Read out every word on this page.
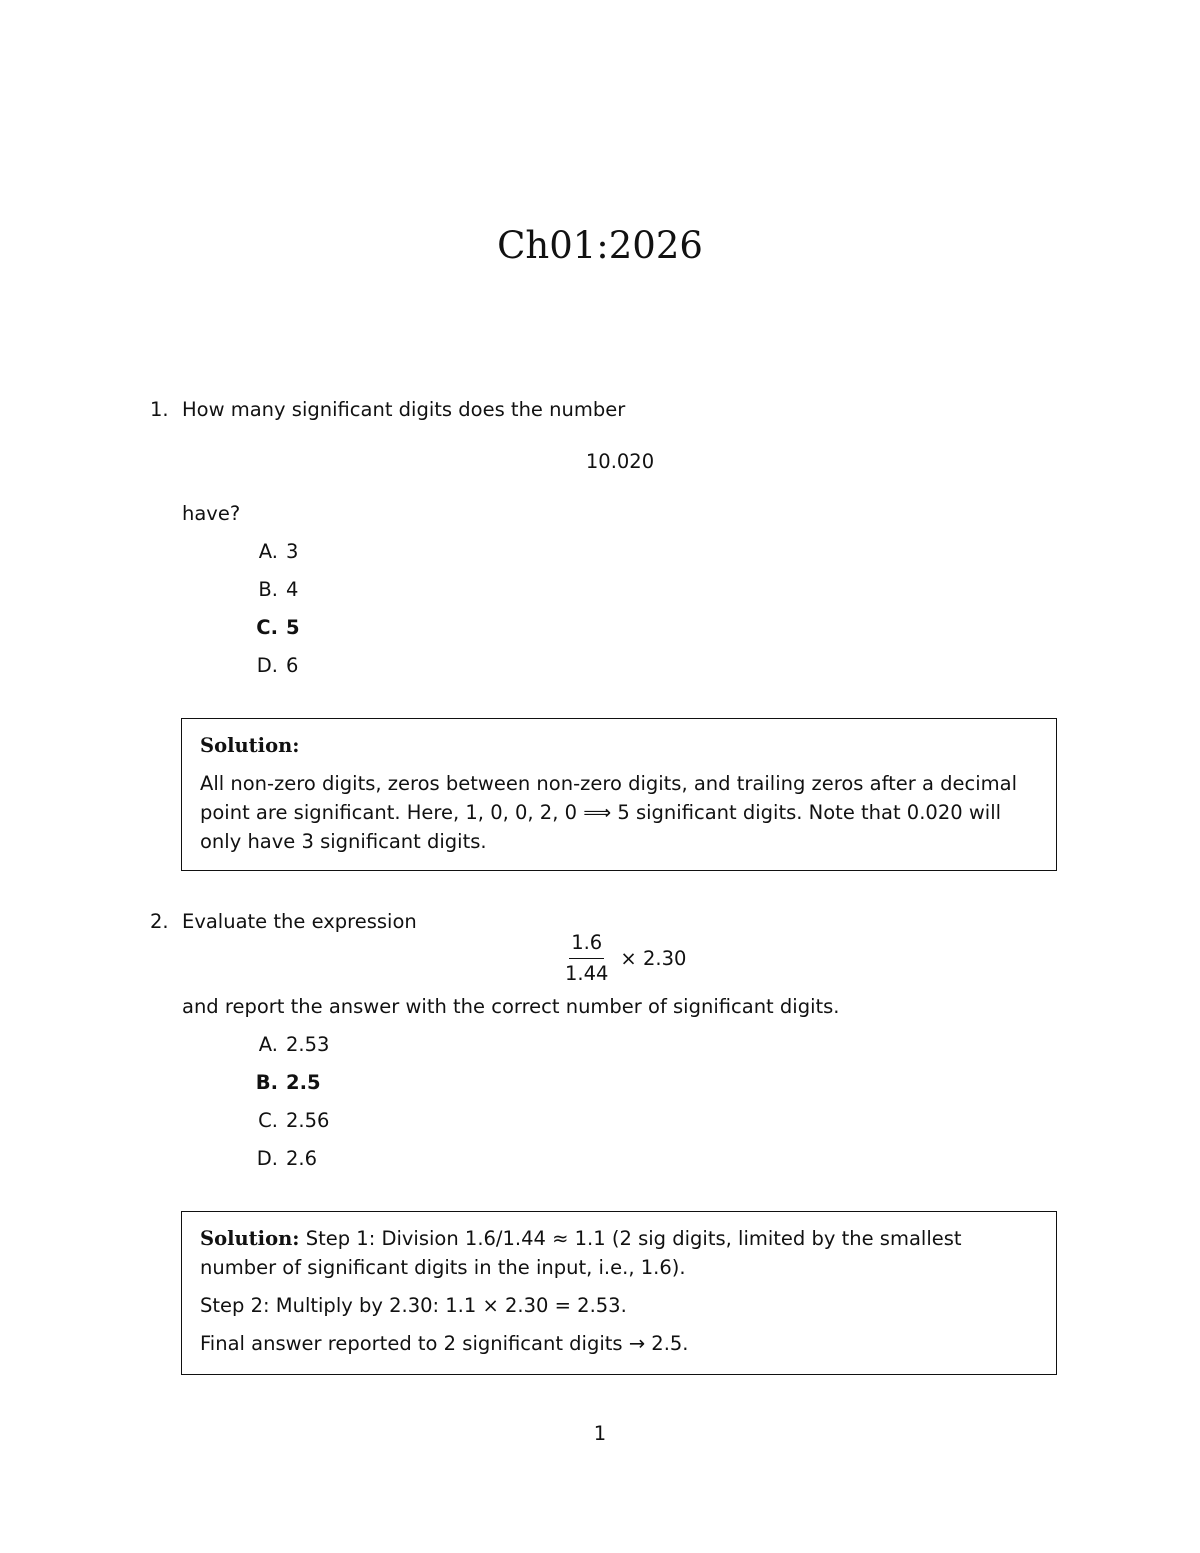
Ch01:2026
1. How many significant digits does the number
10.020
have?
A. 3
B. 4
C. 5
D. 6

Solution:

All non-zero digits, zeros between non-zero digits, and trailing zeros after a decimal point are significant. Here, 1, 0, 0, 2, 0 ⟹ 5 significant digits. Note that 0.020 will only have 3 significant digits.

2. Evaluate the expression
$\frac{1.6}{1.44} \times 2.30$
and report the answer with the correct number of significant digits.
A. 2.53
B. 2.5
C. 2.56
D. 2.6

Solution: Step 1: Division 1.6/1.44 ≈ 1.1 (2 sig digits, limited by the smallest number of significant digits in the input, i.e., 1.6).

Step 2: Multiply by 2.30: 1.1 × 2.30 = 2.53.

Final answer reported to 2 significant digits → 2.5.

1
